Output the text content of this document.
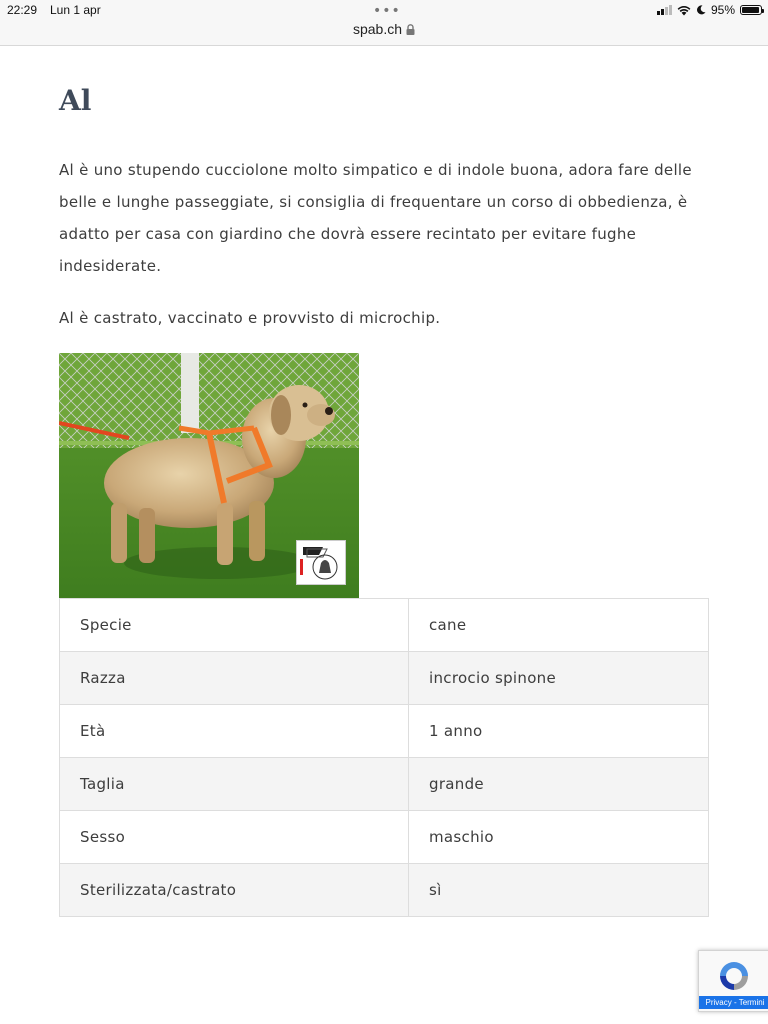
22:29 Lun 1 apr	•••	95%
spab.ch
Al

Al è uno stupendo cucciolone molto simpatico e di indole buona, adora fare delle belle e lunghe passeggiate, si consiglia di frequentare un corso di obbedienza, è adatto per casa con giardino che dovrà essere recintato per evitare fughe indesiderate.

Al è castrato, vaccinato e provvisto di microchip.

Specie	cane
Razza	incrocio spinone
Età	1 anno
Taglia	grande
Sesso	maschio
Sterilizzata/castrato	sì
Privacy - Termini
